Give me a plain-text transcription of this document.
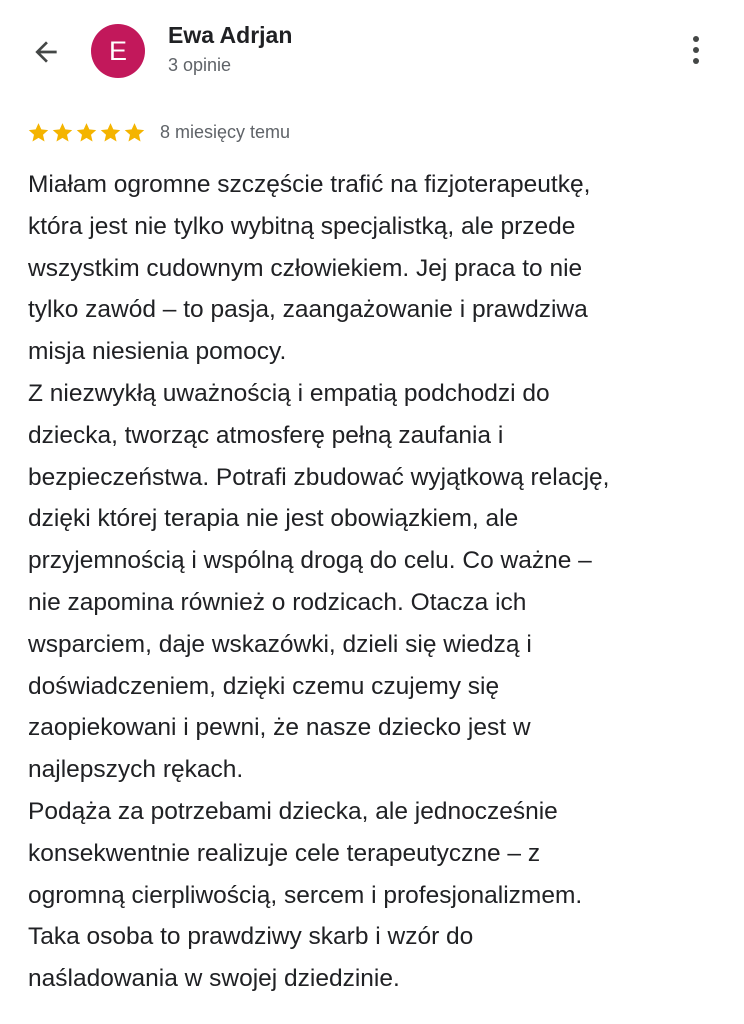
E
Ewa Adrjan
3 opinie
8 miesięcy temu
Miałam ogromne szczęście trafić na fizjoterapeutkę,
która jest nie tylko wybitną specjalistką, ale przede
wszystkim cudownym człowiekiem. Jej praca to nie
tylko zawód – to pasja, zaangażowanie i prawdziwa
misja niesienia pomocy.
Z niezwykłą uważnością i empatią podchodzi do
dziecka, tworząc atmosferę pełną zaufania i
bezpieczeństwa. Potrafi zbudować wyjątkową relację,
dzięki której terapia nie jest obowiązkiem, ale
przyjemnością i wspólną drogą do celu. Co ważne –
nie zapomina również o rodzicach. Otacza ich
wsparciem, daje wskazówki, dzieli się wiedzą i
doświadczeniem, dzięki czemu czujemy się
zaopiekowani i pewni, że nasze dziecko jest w
najlepszych rękach.
Podąża za potrzebami dziecka, ale jednocześnie
konsekwentnie realizuje cele terapeutyczne – z
ogromną cierpliwością, sercem i profesjonalizmem.
Taka osoba to prawdziwy skarb i wzór do
naśladowania w swojej dziedzinie.
